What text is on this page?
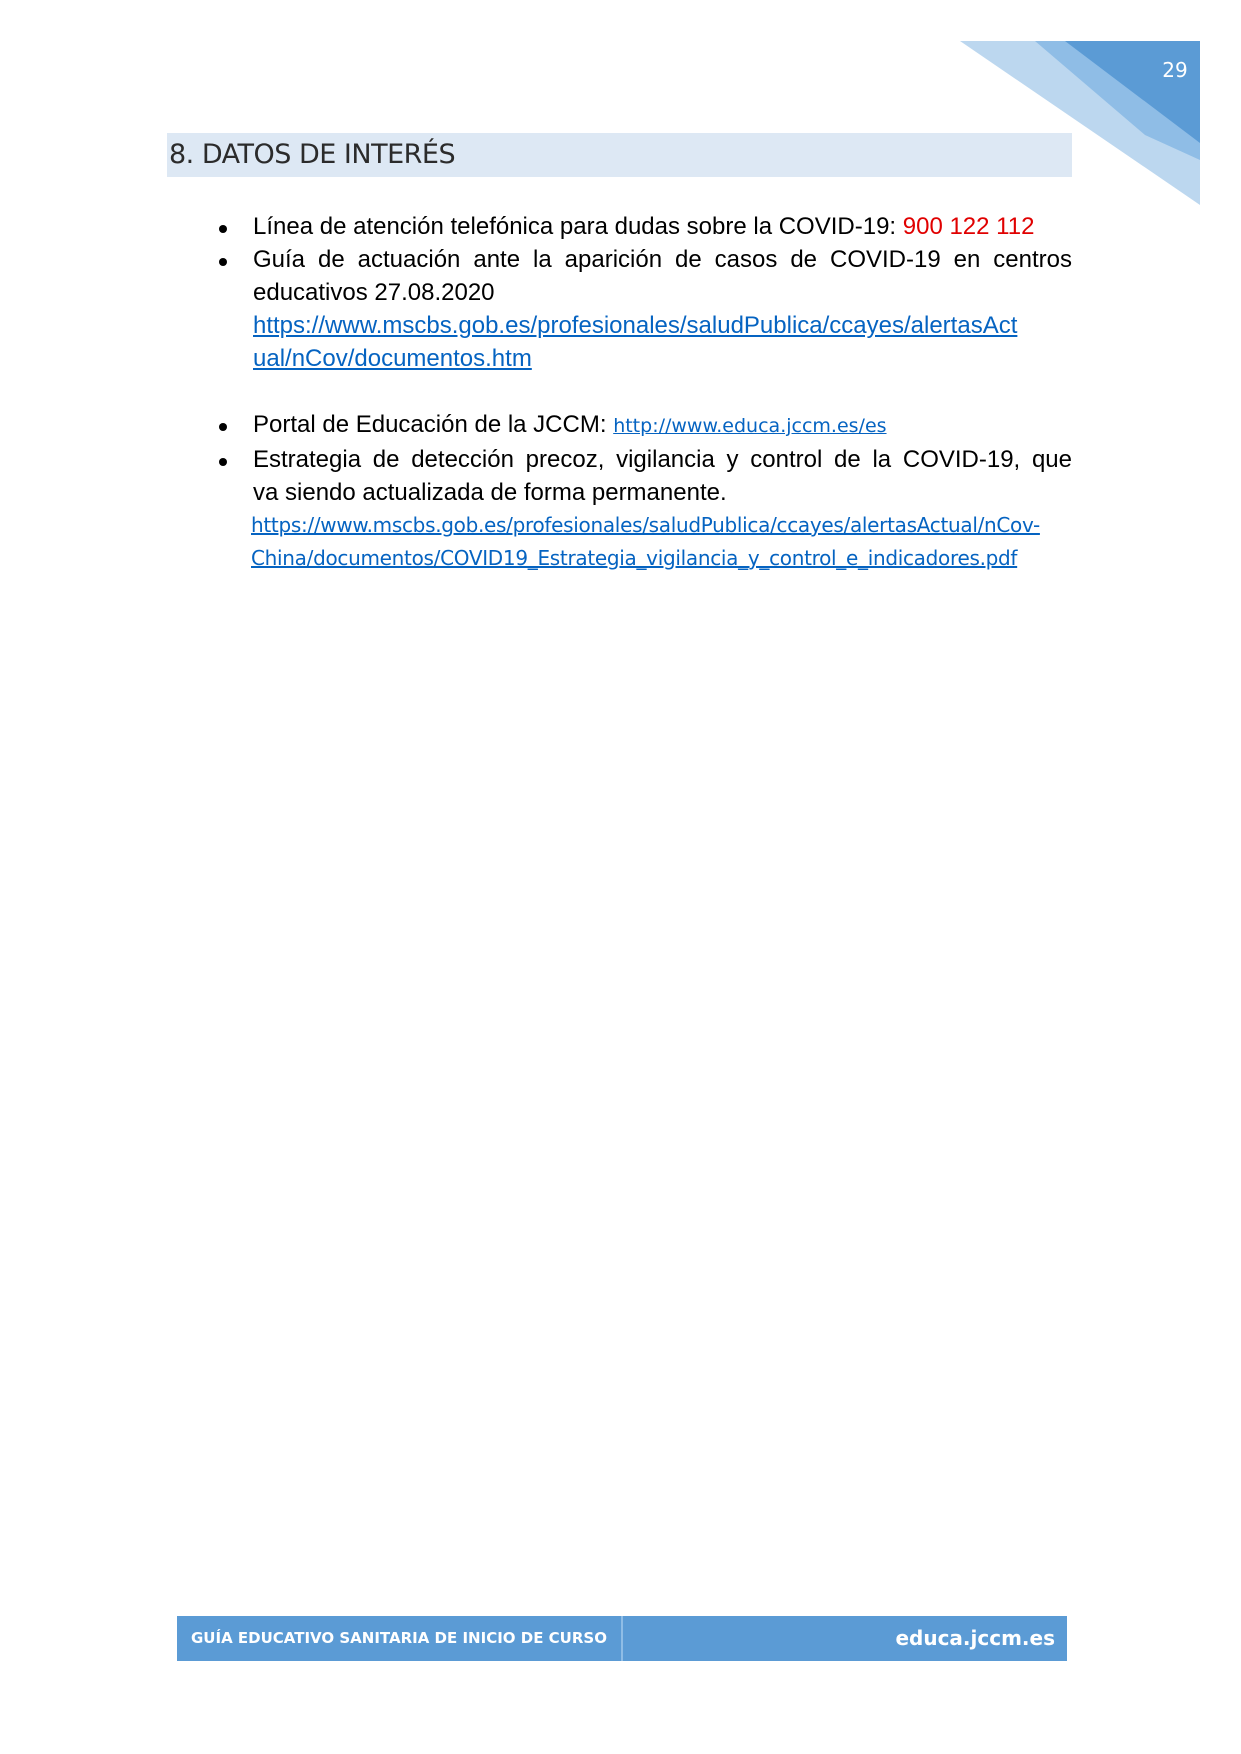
29
8. DATOS DE INTERÉS
Línea de atención telefónica para dudas sobre la COVID-19: 900 122 112
Guía de actuación ante la aparición de casos de COVID-19 en centros
educativos 27.08.2020
https://www.mscbs.gob.es/profesionales/saludPublica/ccayes/alertasAct
ual/nCov/documentos.htm
Portal de Educación de la JCCM: http://www.educa.jccm.es/es
Estrategia de detección precoz, vigilancia y control de la COVID-19, que
va siendo actualizada de forma permanente.
https://www.mscbs.gob.es/profesionales/saludPublica/ccayes/alertasActual/nCov-
China/documentos/COVID19_Estrategia_vigilancia_y_control_e_indicadores.pdf
GUÍA EDUCATIVO SANITARIA DE INICIO DE CURSO	educa.jccm.es
